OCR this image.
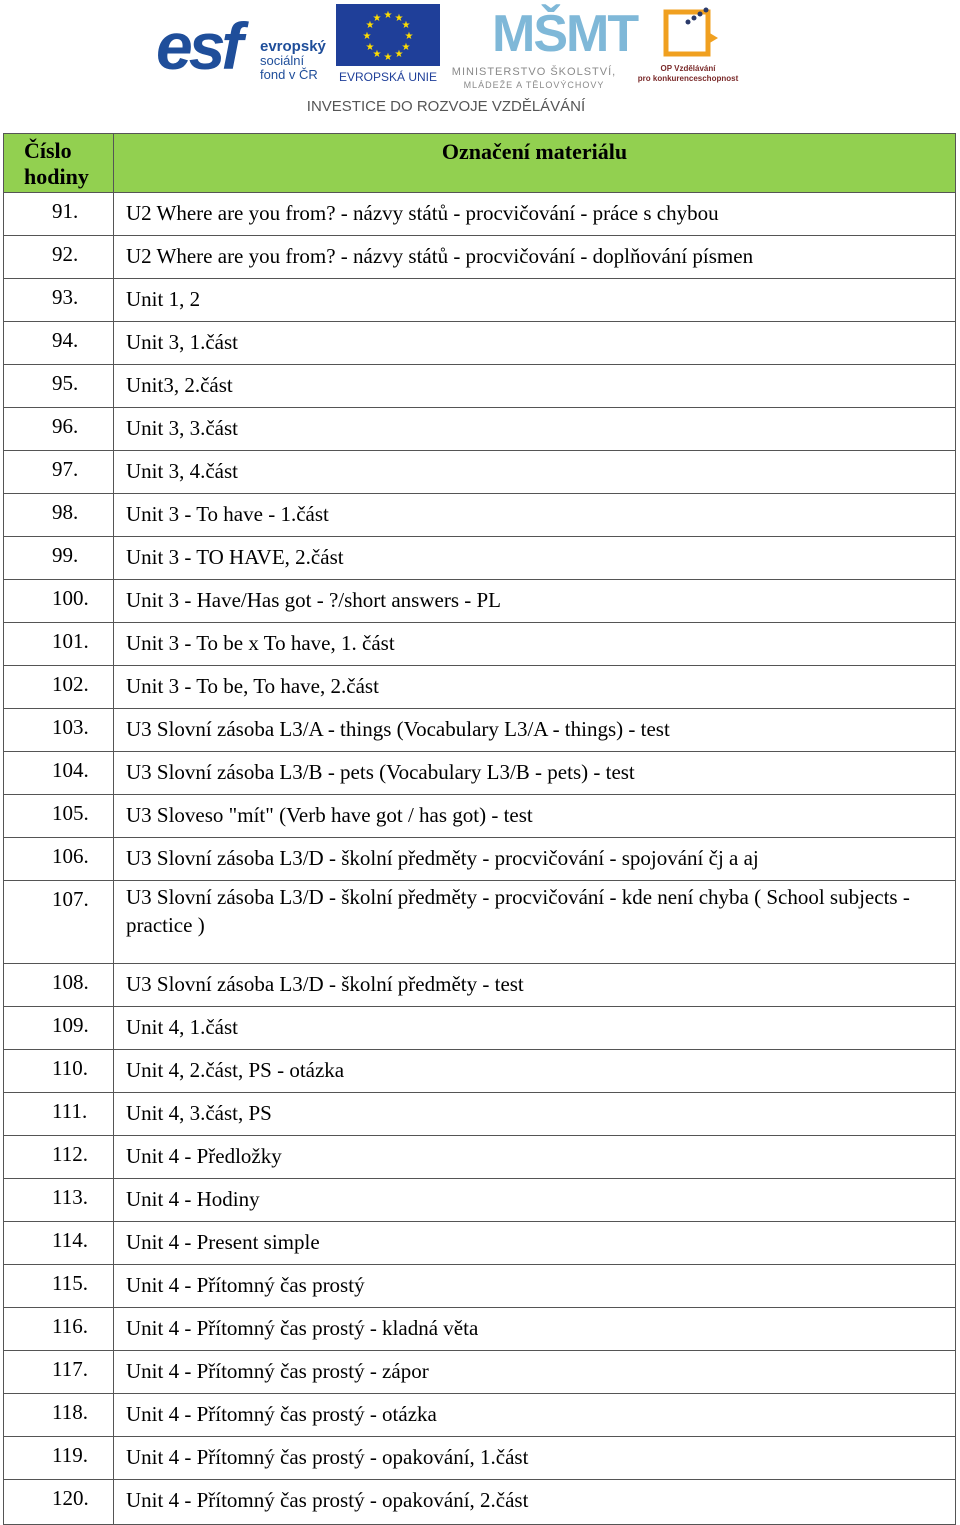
esf evropský
sociální
fond v ČR
★ ★
★
★
★
★
★
★
★
★
★
★
EVROPSKÁ UNIE
MŠMT
MINISTERSTVO ŠKOLSTVÍ,
MLÁDEŽE A TĚLOVÝCHOVY
OP Vzdělávání
pro konkurenceschopnost
INVESTICE DO ROZVOJE VZDĚLÁVÁNÍ
Číslo hodiny
Označení materiálu
91.	U2 Where are you from? - názvy států - procvičování - práce s chybou
92.	U2 Where are you from? - názvy států - procvičování - doplňování písmen
93.	Unit 1, 2
94.	Unit 3, 1.část
95.	Unit3, 2.část
96.	Unit 3, 3.část
97.	Unit 3, 4.část
98.	Unit 3 - To have - 1.část
99.	Unit 3 - TO HAVE, 2.část
100.	Unit 3 - Have/Has got - ?/short answers - PL
101.	Unit 3 - To be x To have, 1. část
102.	Unit 3 - To be, To have, 2.část
103.	U3 Slovní zásoba L3/A - things (Vocabulary L3/A - things) - test
104.	U3 Slovní zásoba L3/B - pets (Vocabulary L3/B - pets) - test
105.	U3 Sloveso "mít" (Verb have got / has got) - test
106.	U3 Slovní zásoba L3/D - školní předměty - procvičování - spojování čj a aj
107.	U3 Slovní zásoba L3/D - školní předměty - procvičování - kde není chyba ( School subjects - practice )
108.	U3 Slovní zásoba L3/D - školní předměty - test
109.	Unit 4, 1.část
110.	Unit 4, 2.část, PS - otázka
111.	Unit 4, 3.část, PS
112.	Unit 4 - Předložky
113.	Unit 4 - Hodiny
114.	Unit 4 - Present simple
115.	Unit 4 - Přítomný čas prostý
116.	Unit 4 - Přítomný čas prostý - kladná věta
117.	Unit 4 - Přítomný čas prostý - zápor
118.	Unit 4 - Přítomný čas prostý - otázka
119.	Unit 4 - Přítomný čas prostý - opakování, 1.část
120.	Unit 4 - Přítomný čas prostý - opakování, 2.část
